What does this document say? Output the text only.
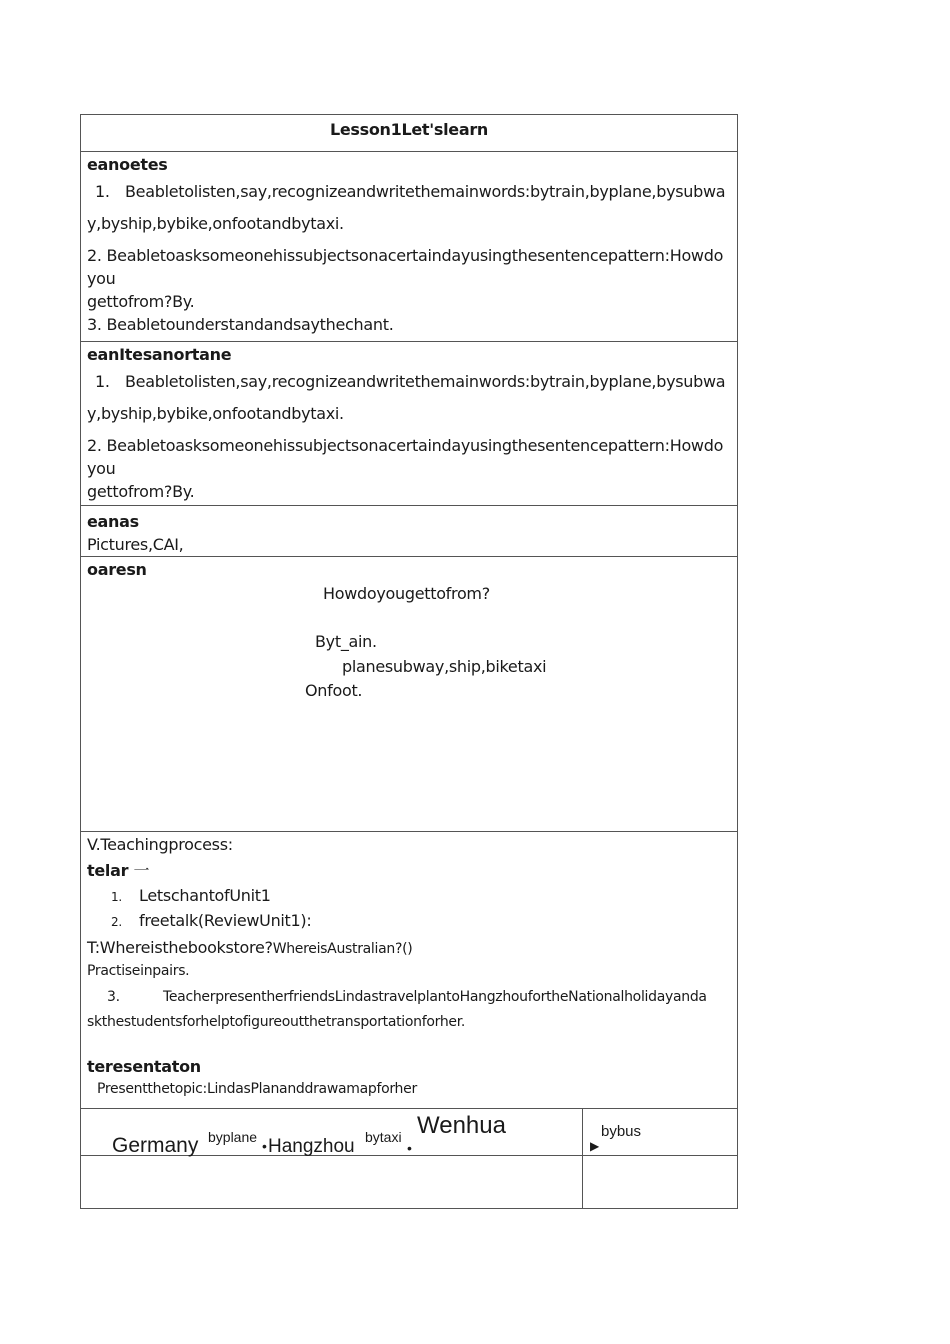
Lesson1Let'slearn
eanoetes
1. Beabletolisten,say,recognizeandwritethemainwords:bytrain,byplane,bysubwa
y,byship,bybike,onfootandbytaxi.
2. Beabletoasksomeonehissubjectsonacertaindayusingthesentencepattern:Howdo
you
gettofrom?By.
3. Beabletounderstandandsaythechant.
eanItesanortane
1. Beabletolisten,say,recognizeandwritethemainwords:bytrain,byplane,bysubwa
y,byship,bybike,onfootandbytaxi.
2. Beabletoasksomeonehissubjectsonacertaindayusingthesentencepattern:Howdo
you
gettofrom?By.
eanas
Pictures,CAI,
oaresn
Howdoyougettofrom?
Byt_ain.
planesubway,ship,biketaxi
Onfoot.
V.Teachingprocess:
telar 一
1. LetschantofUnit1
2. freetalk(ReviewUnit1):
T:Whereisthebookstore?WhereisAustralian?()
Practiseinpairs.
3.	TeacherpresentherfriendsLindastravelplantoHangzhoufortheNationalholidayanda
skthestudentsforhelptofigureoutthetransportationforher.
teresentaton
Presentthetopic:LindasPlananddrawamapforher
Germany byplane
• Hangzhou bytaxi Wenhua
•
bybus
▶
